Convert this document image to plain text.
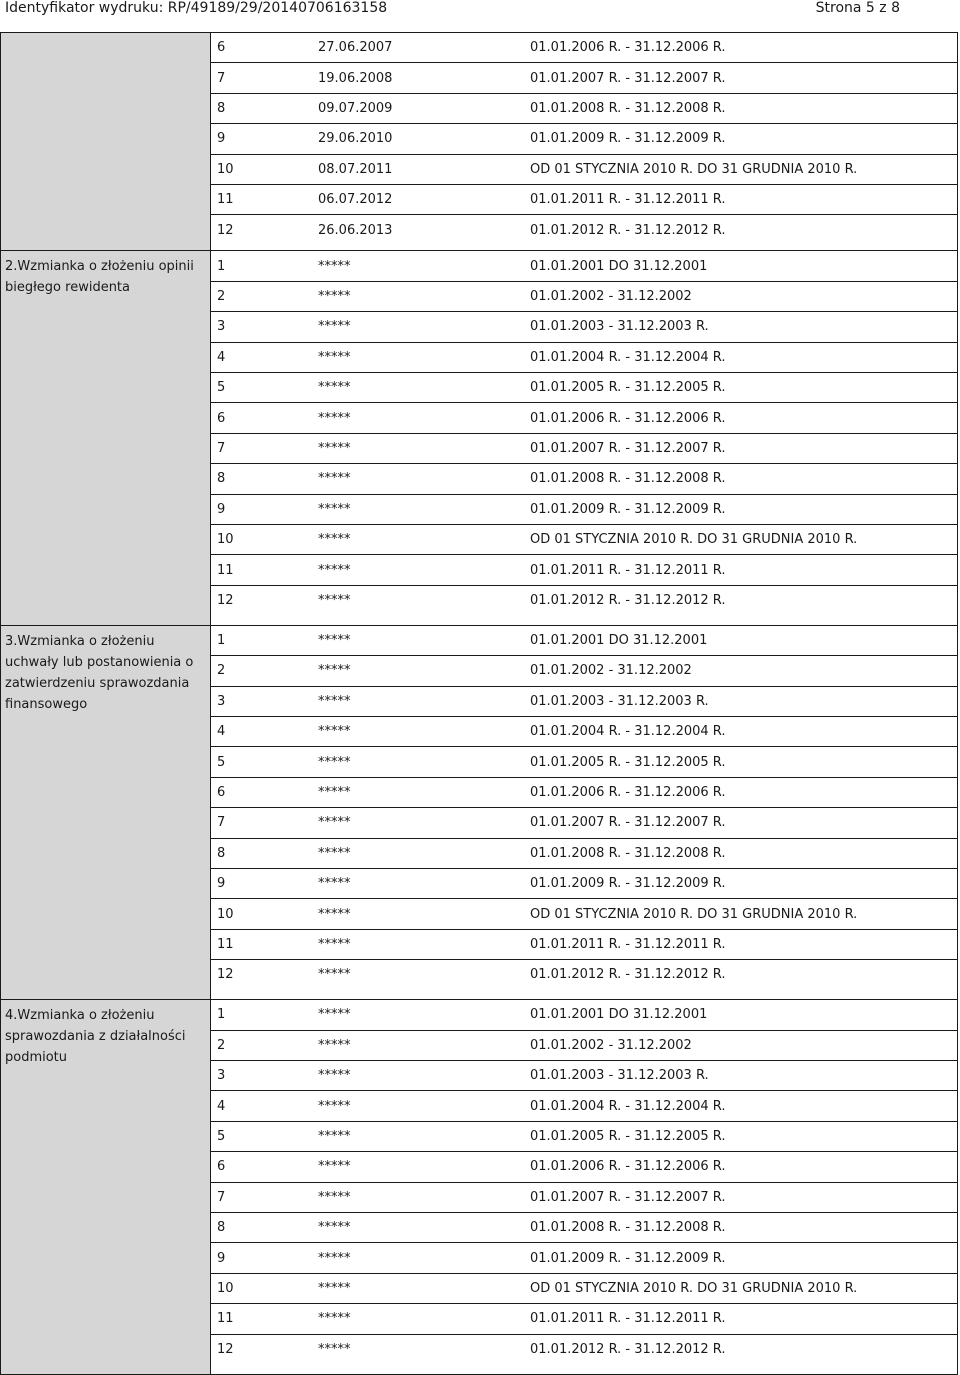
Identyfikator wydruku: RP/49189/29/20140706163158	Strona 5 z 8

6	27.06.2007	01.01.2006 R. - 31.12.2006 R.
7	19.06.2008	01.01.2007 R. - 31.12.2007 R.
8	09.07.2009	01.01.2008 R. - 31.12.2008 R.
9	29.06.2010	01.01.2009 R. - 31.12.2009 R.
10	08.07.2011	OD 01 STYCZNIA 2010 R. DO 31 GRUDNIA 2010 R.
11	06.07.2012	01.01.2011 R. - 31.12.2011 R.
12	26.06.2013	01.01.2012 R. - 31.12.2012 R.

2.Wzmianka o złożeniu opinii biegłego rewidenta

1	*****	01.01.2001 DO 31.12.2001
2	*****	01.01.2002 - 31.12.2002
3	*****	01.01.2003 - 31.12.2003 R.
4	*****	01.01.2004 R. - 31.12.2004 R.
5	*****	01.01.2005 R. - 31.12.2005 R.
6	*****	01.01.2006 R. - 31.12.2006 R.
7	*****	01.01.2007 R. - 31.12.2007 R.
8	*****	01.01.2008 R. - 31.12.2008 R.
9	*****	01.01.2009 R. - 31.12.2009 R.
10	*****	OD 01 STYCZNIA 2010 R. DO 31 GRUDNIA 2010 R.
11	*****	01.01.2011 R. - 31.12.2011 R.
12	*****	01.01.2012 R. - 31.12.2012 R.

3.Wzmianka o złożeniu uchwały lub postanowienia o zatwierdzeniu sprawozdania finansowego

1	*****	01.01.2001 DO 31.12.2001
2	*****	01.01.2002 - 31.12.2002
3	*****	01.01.2003 - 31.12.2003 R.
4	*****	01.01.2004 R. - 31.12.2004 R.
5	*****	01.01.2005 R. - 31.12.2005 R.
6	*****	01.01.2006 R. - 31.12.2006 R.
7	*****	01.01.2007 R. - 31.12.2007 R.
8	*****	01.01.2008 R. - 31.12.2008 R.
9	*****	01.01.2009 R. - 31.12.2009 R.
10	*****	OD 01 STYCZNIA 2010 R. DO 31 GRUDNIA 2010 R.
11	*****	01.01.2011 R. - 31.12.2011 R.
12	*****	01.01.2012 R. - 31.12.2012 R.

4.Wzmianka o złożeniu sprawozdania z działalności podmiotu

1	*****	01.01.2001 DO 31.12.2001
2	*****	01.01.2002 - 31.12.2002
3	*****	01.01.2003 - 31.12.2003 R.
4	*****	01.01.2004 R. - 31.12.2004 R.
5	*****	01.01.2005 R. - 31.12.2005 R.
6	*****	01.01.2006 R. - 31.12.2006 R.
7	*****	01.01.2007 R. - 31.12.2007 R.
8	*****	01.01.2008 R. - 31.12.2008 R.
9	*****	01.01.2009 R. - 31.12.2009 R.
10	*****	OD 01 STYCZNIA 2010 R. DO 31 GRUDNIA 2010 R.
11	*****	01.01.2011 R. - 31.12.2011 R.
12	*****	01.01.2012 R. - 31.12.2012 R.
